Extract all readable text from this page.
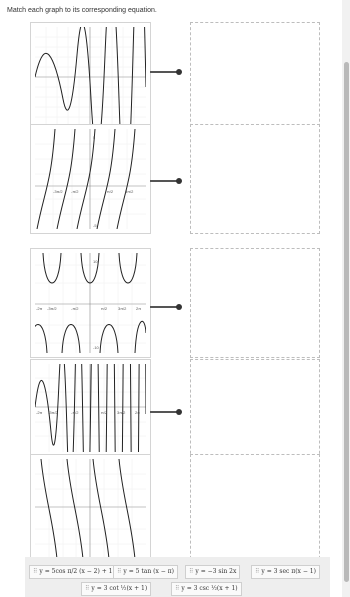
Match each graph to its corresponding equation.
-3π/2 -π/2	π/2	3π/2
5
-5
-2π -3π/2	-π/2	π/2	3π/2 2π
10
-10
-2π -3π/2	-π/2	π/2 3π/2 2π
⠿ y = 5cos π/2 (x − 2) + 1 ⠿ y = 5 tan (x − π)	⠿ y = −3 sin 2x	⠿ y = 3 sec π(x − 1)
⠿ y = 3 cot ½(x + 1)	⠿ y = 3 csc ½(x + 1)
